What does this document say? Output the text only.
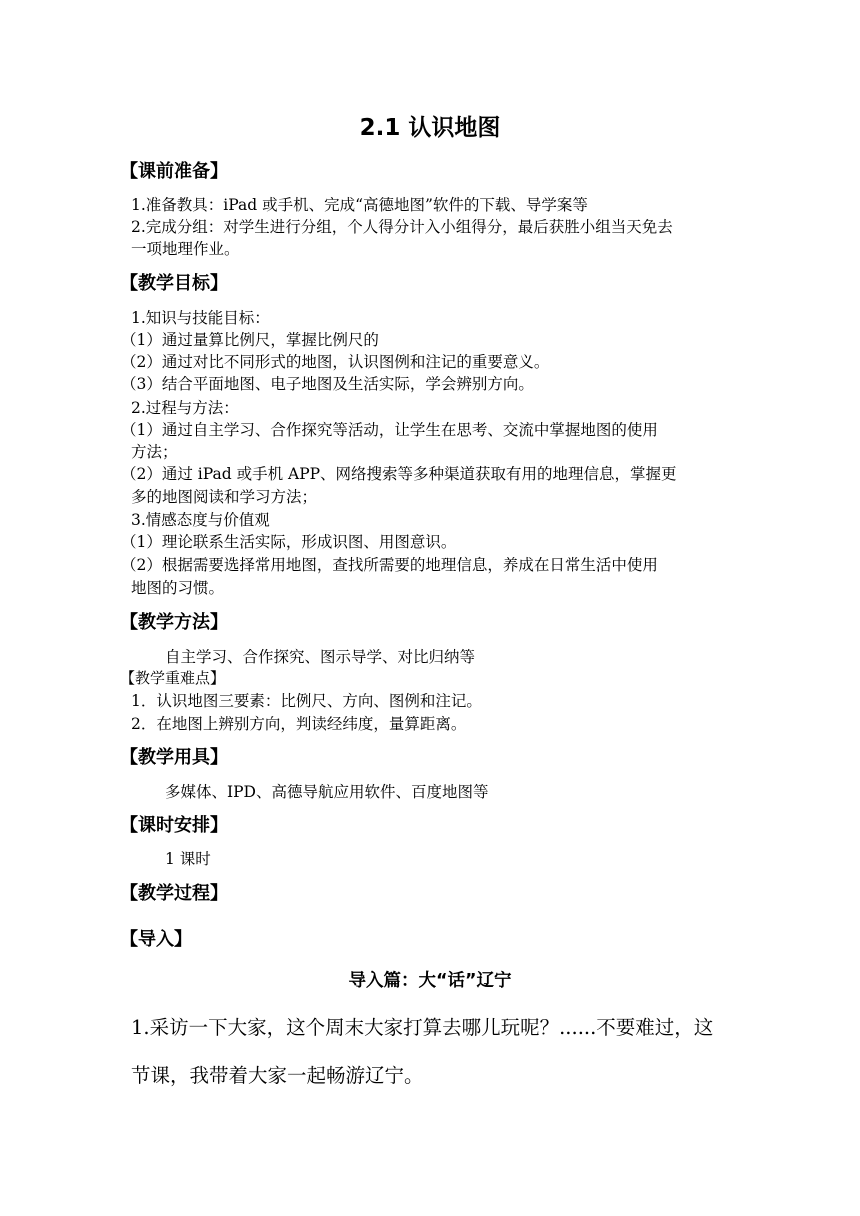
2.1 认识地图
【课前准备】
1.准备教具：iPad 或手机、完成“高德地图”软件的下载、导学案等
2.完成分组：对学生进行分组，个人得分计入小组得分，最后获胜小组当天免去
一项地理作业。
【教学目标】
1.知识与技能目标：
（1）通过量算比例尺，掌握比例尺的
（2）通过对比不同形式的地图，认识图例和注记的重要意义。
（3）结合平面地图、电子地图及生活实际，学会辨别方向。
2.过程与方法：
（1）通过自主学习、合作探究等活动，让学生在思考、交流中掌握地图的使用
方法；
（2）通过 iPad 或手机 APP、网络搜索等多种渠道获取有用的地理信息，掌握更
多的地图阅读和学习方法；
3.情感态度与价值观
（1）理论联系生活实际，形成识图、用图意识。
（2）根据需要选择常用地图，查找所需要的地理信息，养成在日常生活中使用
地图的习惯。
【教学方法】
自主学习、合作探究、图示导学、对比归纳等
【教学重难点】
1．认识地图三要素：比例尺、方向、图例和注记。
2．在地图上辨别方向，判读经纬度，量算距离。
【教学用具】
多媒体、IPD、高德导航应用软件、百度地图等
【课时安排】
1 课时
【教学过程】
【导入】
导入篇：大“话”辽宁
1.采访一下大家，这个周末大家打算去哪儿玩呢？......不要难过，这
节课，我带着大家一起畅游辽宁。
